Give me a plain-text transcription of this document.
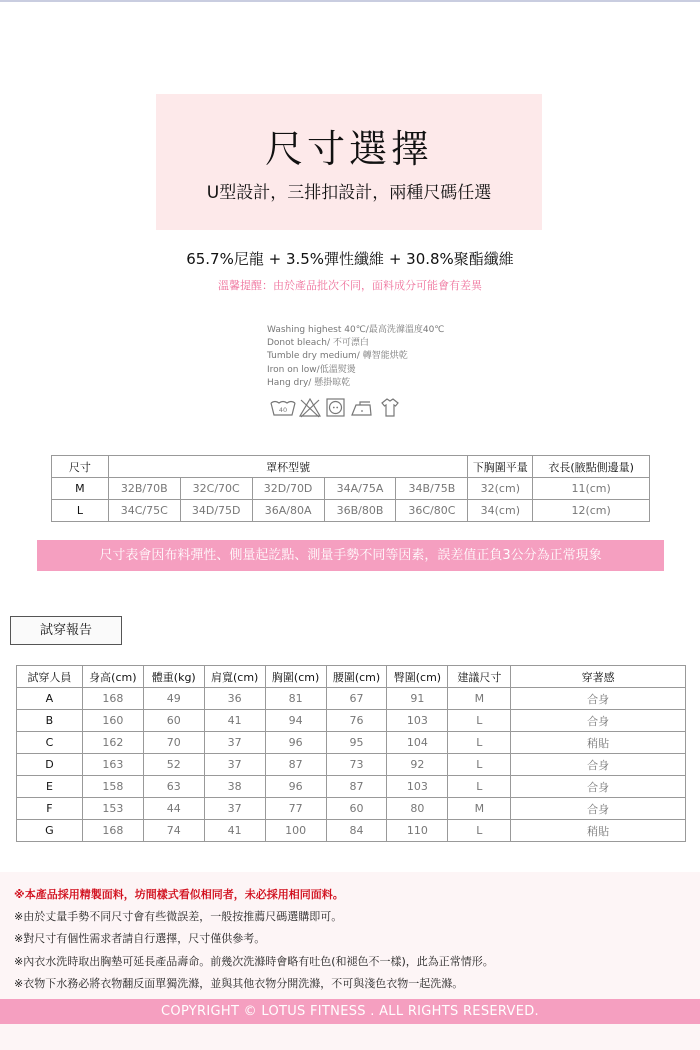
尺寸選擇
U型設計，三排扣設計，兩種尺碼任選
65.7%尼龍 + 3.5%彈性纖維 + 30.8%聚酯纖維
溫馨提醒：由於產品批次不同，面料成分可能會有差異
Washing highest 40℃/最高洗滌溫度40℃
Donot bleach/ 不可漂白
Tumble dry medium/ 轉智能烘乾
Iron on low/低溫熨燙
Hang dry/ 懸掛晾乾
40
尺寸	罩杯型號					下胸圍平量	衣長(腋點側邊量)
M	32B/70B	32C/70C	32D/70D	34A/75A	34B/75B	32(cm)	11(cm)
L	34C/75C	34D/75D	36A/80A	36B/80B	36C/80C	34(cm)	12(cm)
尺寸表會因布料彈性、側量起訖點、測量手勢不同等因素，誤差值正負3公分為正常現象
試穿報告
試穿人員	身高(cm)	體重(kg)	肩寬(cm)	胸圍(cm)	腰圍(cm)	臀圍(cm)	建議尺寸	穿著感
A	168	49	36	81	67	91	M	合身
B	160	60	41	94	76	103	L	合身
C	162	70	37	96	95	104	L	稍貼
D	163	52	37	87	73	92	L	合身
E	158	63	38	96	87	103	L	合身
F	153	44	37	77	60	80	M	合身
G	168	74	41	100	84	110	L	稍貼
※本產品採用精製面料，坊間樣式看似相同者，未必採用相同面料。
※由於丈量手勢不同尺寸會有些微誤差，一般按推薦尺碼選購即可。
※對尺寸有個性需求者請自行選擇，尺寸僅供參考。
※內衣水洗時取出胸墊可延長產品壽命。前幾次洗滌時會略有吐色(和褪色不一樣)，此為正常情形。
※衣物下水務必將衣物翻反面單獨洗滌，並與其他衣物分開洗滌，不可與淺色衣物一起洗滌。
COPYRIGHT © LOTUS FITNESS . ALL RIGHTS RESERVED.
